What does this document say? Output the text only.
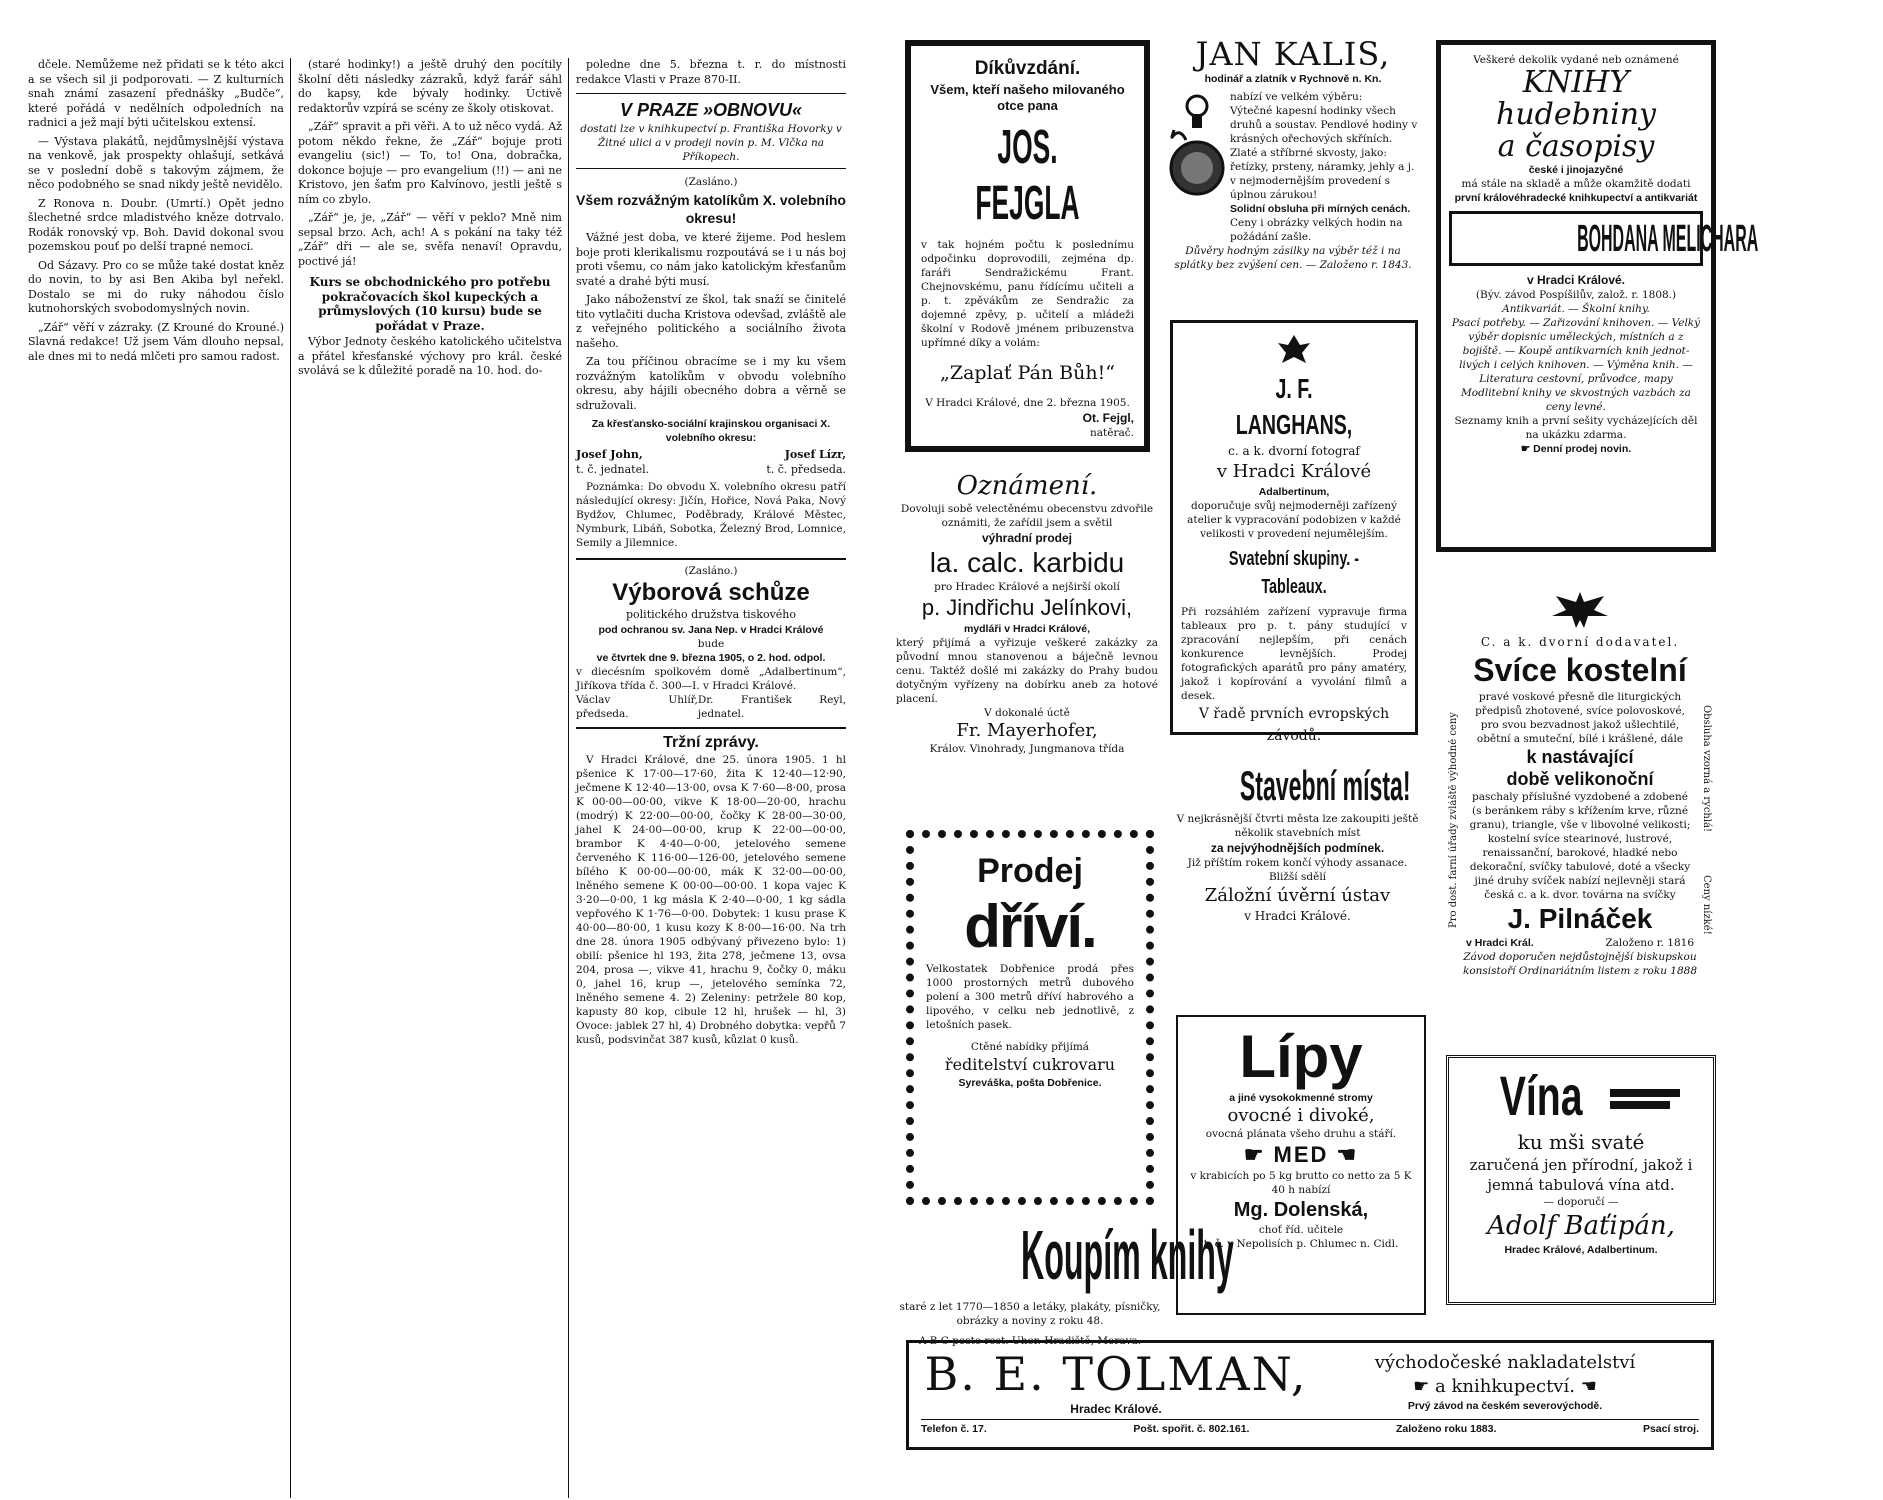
dčele. Nemůžeme než přidati se k této akci a se všech sil ji podporovati. — Z kulturních snah známí zasazení přednášky „Budče“, které pořádá v nedělních odpoledních na radnici a jež mají býti učitelskou extensí.

— Výstava plakátů, nejdůmyslnější výstava na venkově, jak prospekty ohlašují, setkává se v poslední době s takovým zájmem, že něco podobného se snad nikdy ještě nevidělo.

Z Ronova n. Doubr. (Umrtí.) Opět jedno šlechetné srdce mladistvého kněze dotrvalo. Rodák ronovský vp. Boh. David dokonal svou pozemskou pouť po delší trapné nemoci.

Od Sázavy. Pro co se může také dostat kněz do novin, to by asi Ben Akiba byl neřekl. Dostalo se mi do ruky náhodou číslo kutnohorských svobodomyslných novin.

„Zář“ věří v zázraky. (Z Krouné do Krouné.) Slavná redakce! Už jsem Vám dlouho nepsal, ale dnes mi to nedá mlčeti pro samou radost.

(staré hodinky!) a ještě druhý den pocítily školní děti následky zázraků, když farář sáhl do kapsy, kde bývaly hodinky. Úctivě redaktorův vzpírá se scény ze školy otiskovat.

„Zář“ spravit a při věři. A to už něco vydá. Až potom někdo řekne, že „Zář“ bojuje proti evangeliu (sic!) — To, to! Ona, dobračka, dokonce bojuje — pro evangelium (!!) — ani ne Kristovo, jen šaťm pro Kalvínovo, jestli ještě s ním co zbylo.

„Zář“ je, je, „Zář“ — věří v peklo? Mně nim sepsal brzo. Ach, ach! A s pokání na taky též „Zář“ dři — ale se, svěfa nenaví! Opravdu, poctivé já!

Kurs se obchodnického pro potřebu pokračovacích škol kupeckých a průmyslových (10 kursu) bude se pořádat v Praze.

Výbor Jednoty českého katolického učitelstva a přátel křesťanské výchovy pro král. české svolává se k důležité poradě na 10. hod. do-

poledne dne 5. března t. r. do místnosti redakce Vlasti v Praze 870-II.

V PRAZE »OBNOVU«
dostati lze v knihkupectví p. Františka Hovorky v Žitné ulici a v prodeji novin p. M. Vlčka na Příkopech.
(Zasláno.)
Všem rozvážným katolíkům X. volebního okresu!

Vážné jest doba, ve které žijeme. Pod heslem boje proti klerikalismu rozpoutává se i u nás boj proti všemu, co nám jako katolickým křesťanům svaté a drahé býti musí.

Jako náboženství ze škol, tak snaží se činitelé tito vytlačiti ducha Kristova odevšad, zvláště ale z veřejného politického a sociálního života našeho.

Za tou příčinou obracíme se i my ku všem rozvážným katolíkům v obvodu volebního okresu, aby hájili obecného dobra a věrně se sdružovali.

Za křesťansko-sociální krajinskou organisaci X. volebního okresu:
Josef John,
t. č. jednatel.
Josef Lízr,
t. č. předseda.

Poznámka: Do obvodu X. volebního okresu patří následující okresy: Jičín, Hořice, Nová Paka, Nový Bydžov, Chlumec, Poděbrady, Králové Městec, Nymburk, Libáň, Sobotka, Železný Brod, Lomnice, Semily a Jilemnice.

(Zasláno.)
Výborová schůze
politického družstva tiskového
pod ochranou sv. Jana Nep. v Hradci Králové
bude
ve čtvrtek dne 9. března 1905, o 2. hod. odpol.
v diecésním spolkovém domě „Adalbertinum“, Jiříkova třída č. 300—I. v Hradci Králové.
Václav Uhlíř, předseda.
Dr. František Reyl, jednatel.
Tržní zprávy.

V Hradci Králové, dne 25. února 1905. 1 hl pšenice K 17·00—17·60, žita K 12·40—12·90, ječmene K 12·40—13·00, ovsa K 7·60—8·00, prosa K 00·00—00·00, vikve K 18·00—20·00, hrachu (modrý) K 22·00—00·00, čočky K 28·00—30·00, jahel K 24·00—00·00, krup K 22·00—00·00, brambor K 4·40—0·00, jetelového semene červeného K 116·00—126·00, jetelového semene bílého K 00·00—00·00, mák K 32·00—00·00, lněného semene K 00·00—00·00. 1 kopa vajec K 3·20—0·00, 1 kg másla K 2·40—0·00, 1 kg sádla vepřového K 1·76—0·00. Dobytek: 1 kusu prase K 40·00—80·00, 1 kusu kozy K 8·00—16·00. Na trh dne 28. února 1905 odbývaný přivezeno bylo: 1) obilí: pšenice hl 193, žita 278, ječmene 13, ovsa 204, prosa —, vikve 41, hrachu 9, čočky 0, máku 0, jahel 16, krup —, jetelového semínka 72, lněného semene 4. 2) Zeleniny: petržele 80 kop, kapusty 80 kop, cibule 12 hl, hrušek — hl, 3) Ovoce: jablek 27 hl, 4) Drobného dobytka: vepřů 7 kusů, podsvinčat 387 kusů, kůzlat 0 kusů.

Díkůvzdání.
Všem, kteří našeho milovaného otce pana
JOS. FEJGLA
v tak hojném počtu k poslednímu odpočinku doprovodili, zejména dp. faráři Sendražickému Frant. Chejnovskému, panu řídícímu učiteli a p. t. zpěvákům ze Sendražic za dojemné zpěvy, p. učitelí a mládeži školní v Rodově jménem pribuzenstva upřímné díky a volám:
„Zaplať Pán Bůh!“
V Hradci Králové, dne 2. března 1905.
Ot. Fejgl,
natěrač.
JAN KALIS,
hodinář a zlatník v Rychnově n. Kn.
nabízí ve velkém výběru:
Výtečné kapesní hodinky všech druhů a soustav. Pendlové hodiny v krásných ořechových skříních. Zlaté a stříbrné skvosty, jako: řetízky, prsteny, náramky, jehly a j. v nejmodernějším provedení s úplnou zárukou!
Solidní obsluha při mírných cenách.
Ceny i obrázky velkých hodin na požádání zašle.
Důvěry hodným zásilky na výběr též i na splátky bez zvýšení cen. — Založeno r. 1843.
Veškeré dekolik vydané neb oznámené
KNIHY
hudebniny
a časopisy
české i jinojazyčné
má stále na skladě a může okamžitě dodati
první královéhradecké knihkupectví a antikvariát
BOHDANA MELICHARA
v Hradci Králové.
(Býv. závod Pospíšilův, založ. r. 1808.)
Antikvariát. — Školní knihy.
Psací potřeby. — Zařizování knihoven. — Velký výběr dopisnic uměleckých, místních a z bojiště. — Koupě antikvarních knih jednot- livých i celých knihoven. — Výměna knih. — Literatura cestovní, průvodce, mapy
Modlitební knihy ve skvostných vazbách za ceny levné.
Seznamy knih a první sešity vycházejících děl na ukázku zdarma.
☛ Denní prodej novin.
Oznámení.
Dovoluji sobě velectěnému obecenstvu zdvořile oznámiti, že zařídil jsem a světil
výhradní prodej
la. calc. karbidu
pro Hradec Králové a nejširší okolí
p. Jindřichu Jelínkovi,
mydláři v Hradci Králové,
který přijímá a vyřizuje veškeré zakázky za původní mnou stanovenou a báječně levnou cenu. Taktéž došlé mi zakázky do Prahy budou dotyčným vyřízeny na dobírku aneb za hotové placení.
V dokonalé úctě
Fr. Mayerhofer,
Králov. Vinohrady, Jungmanova třída
J. F. LANGHANS,
c. a k. dvorní fotograf
v Hradci Králové
Adalbertinum,
doporučuje svůj nejmoderněji zařízený atelier k vypracování podobizen v každé velikosti v provedení nejumělejším.
Svatební skupiny. - Tableaux.
Při rozsáhlém zařízení vypravuje firma tableaux pro p. t. pány studující v zpracování nejlepším, při cenách konkurence levnějších. Prodej fotografických aparátů pro pány amatéry, jakož i kopírování a vyvolání filmů a desek.
V řadě prvních evropských závodů.
Prodej
dříví.
Velkostatek Dobřenice prodá přes 1000 prostorných metrů dubového polení a 300 metrů dříví habrového a lipového, v celku neb jednotlivě, z letošních pasek.
Ctěné nabídky přijímá
ředitelství cukrovaru
Syreváška, pošta Dobřenice.
Stavební místa!
V nejkrásnější čtvrti města lze zakoupiti ještě několik stavebních míst
za nejvýhodnějších podmínek.
Již příštím rokem končí výhody assanace.
Bližší sdělí
Záložní úvěrní ústav
v Hradci Králové.
Koupím knihy
staré z let 1770—1850 a letáky, plakáty, písničky, obrázky a noviny z roku 48.
A B C poste rest. Uher. Hradiště, Morava.
Lípy
a jiné vysokokmenné stromy
ovocné i divoké,
ovocná plánata všeho druhu a stáří.
☛ MED ☚
v krabicích po 5 kg brutto co netto za 5 K 40 h nabízí
Mg. Dolenská,
choť říd. učitele
t. č. v Nepolisích p. Chlumec n. Cidl.
C. a k. dvorní dodavatel.
Svíce kostelní
Pro dost. farní úřady zvláště výhodné ceny
pravé voskové přesně dle liturgických předpisů zhotovené, svíce polovoskové, pro svou bezvadnost jakož ušlechtilé, obětní a smuteční, bílé i krášlené, dále
k nastávající
době velikonoční
paschaly příslušné vyzdobené a zdobené (s beránkem ráby s křížením krve, různé granu), triangle, vše v libovolné velikosti; kostelní svíce stearinové, lustrové, renaissanční, barokové, hladké nebo dekorační, svíčky tabulové, doté a všecky jiné druhy svíček nabízí nejlevněji stará česká c. a k. dvor. továrna na svíčky
J. Pilnáček
v Hradci Král.	Založeno r. 1816
Obsluha vzorná a rychlá! Ceny nízké!
Závod doporučen nejdůstojnější biskupskou konsistoří Ordinariátním listem z roku 1888
Vína
ku mši svaté
zaručená jen přírodní, jakož i jemná tabulová vína atd.
— doporučí —
Adolf Baťipán,
Hradec Králové, Adalbertinum.
B. E. TOLMAN,
Hradec Králové.
východočeské nakladatelství
☛ a knihkupectví. ☚
Prvý závod na českém severovýchodě.
Telefon č. 17.	Pošt. spořit. č. 802.161.	Založeno roku 1883.	Psací stroj.
